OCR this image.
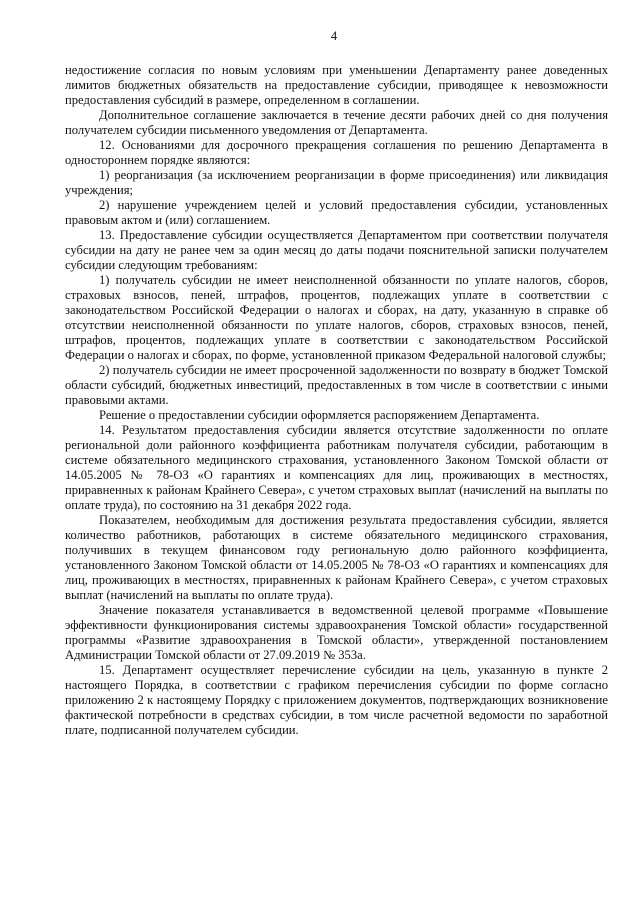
4

недостижение согласия по новым условиям при уменьшении Департаменту ранее доведенных лимитов бюджетных обязательств на предоставление субсидии, приводящее к невозможности предоставления субсидий в размере, определенном в соглашении.

Дополнительное соглашение заключается в течение десяти рабочих дней со дня получения получателем субсидии письменного уведомления от Департамента.

12. Основаниями для досрочного прекращения соглашения по решению Департамента в одностороннем порядке являются:

1) реорганизация (за исключением реорганизации в форме присоединения) или ликвидация учреждения;

2) нарушение учреждением целей и условий предоставления субсидии, установленных правовым актом и (или) соглашением.

13. Предоставление субсидии осуществляется Департаментом при соответствии получателя субсидии на дату не ранее чем за один месяц до даты подачи пояснительной записки получателем субсидии следующим требованиям:

1) получатель субсидии не имеет неисполненной обязанности по уплате налогов, сборов, страховых взносов, пеней, штрафов, процентов, подлежащих уплате в соответствии с законодательством Российской Федерации о налогах и сборах, на дату, указанную в справке об отсутствии неисполненной обязанности по уплате налогов, сборов, страховых взносов, пеней, штрафов, процентов, подлежащих уплате в соответствии с законодательством Российской Федерации о налогах и сборах, по форме, установленной приказом Федеральной налоговой службы;

2) получатель субсидии не имеет просроченной задолженности по возврату в бюджет Томской области субсидий, бюджетных инвестиций, предоставленных в том числе в соответствии с иными правовыми актами.

Решение о предоставлении субсидии оформляется распоряжением Департамента.

14. Результатом предоставления субсидии является отсутствие задолженности по оплате региональной доли районного коэффициента работникам получателя субсидии, работающим в системе обязательного медицинского страхования, установленного Законом Томской области от 14.05.2005 № 78-ОЗ «О гарантиях и компенсациях для лиц, проживающих в местностях, приравненных к районам Крайнего Севера», с учетом страховых выплат (начислений на выплаты по оплате труда), по состоянию на 31 декабря 2022 года.

Показателем, необходимым для достижения результата предоставления субсидии, является количество работников, работающих в системе обязательного медицинского страхования, получивших в текущем финансовом году региональную долю районного коэффициента, установленного Законом Томской области от 14.05.2005 № 78-ОЗ «О гарантиях и компенсациях для лиц, проживающих в местностях, приравненных к районам Крайнего Севера», с учетом страховых выплат (начислений на выплаты по оплате труда).

Значение показателя устанавливается в ведомственной целевой программе «Повышение эффективности функционирования системы здравоохранения Томской области» государственной программы «Развитие здравоохранения в Томской области», утвержденной постановлением Администрации Томской области от 27.09.2019 № 353а.

15. Департамент осуществляет перечисление субсидии на цель, указанную в пункте 2 настоящего Порядка, в соответствии с графиком перечисления субсидии по форме согласно приложению 2 к настоящему Порядку с приложением документов, подтверждающих возникновение фактической потребности в средствах субсидии, в том числе расчетной ведомости по заработной плате, подписанной получателем субсидии.
